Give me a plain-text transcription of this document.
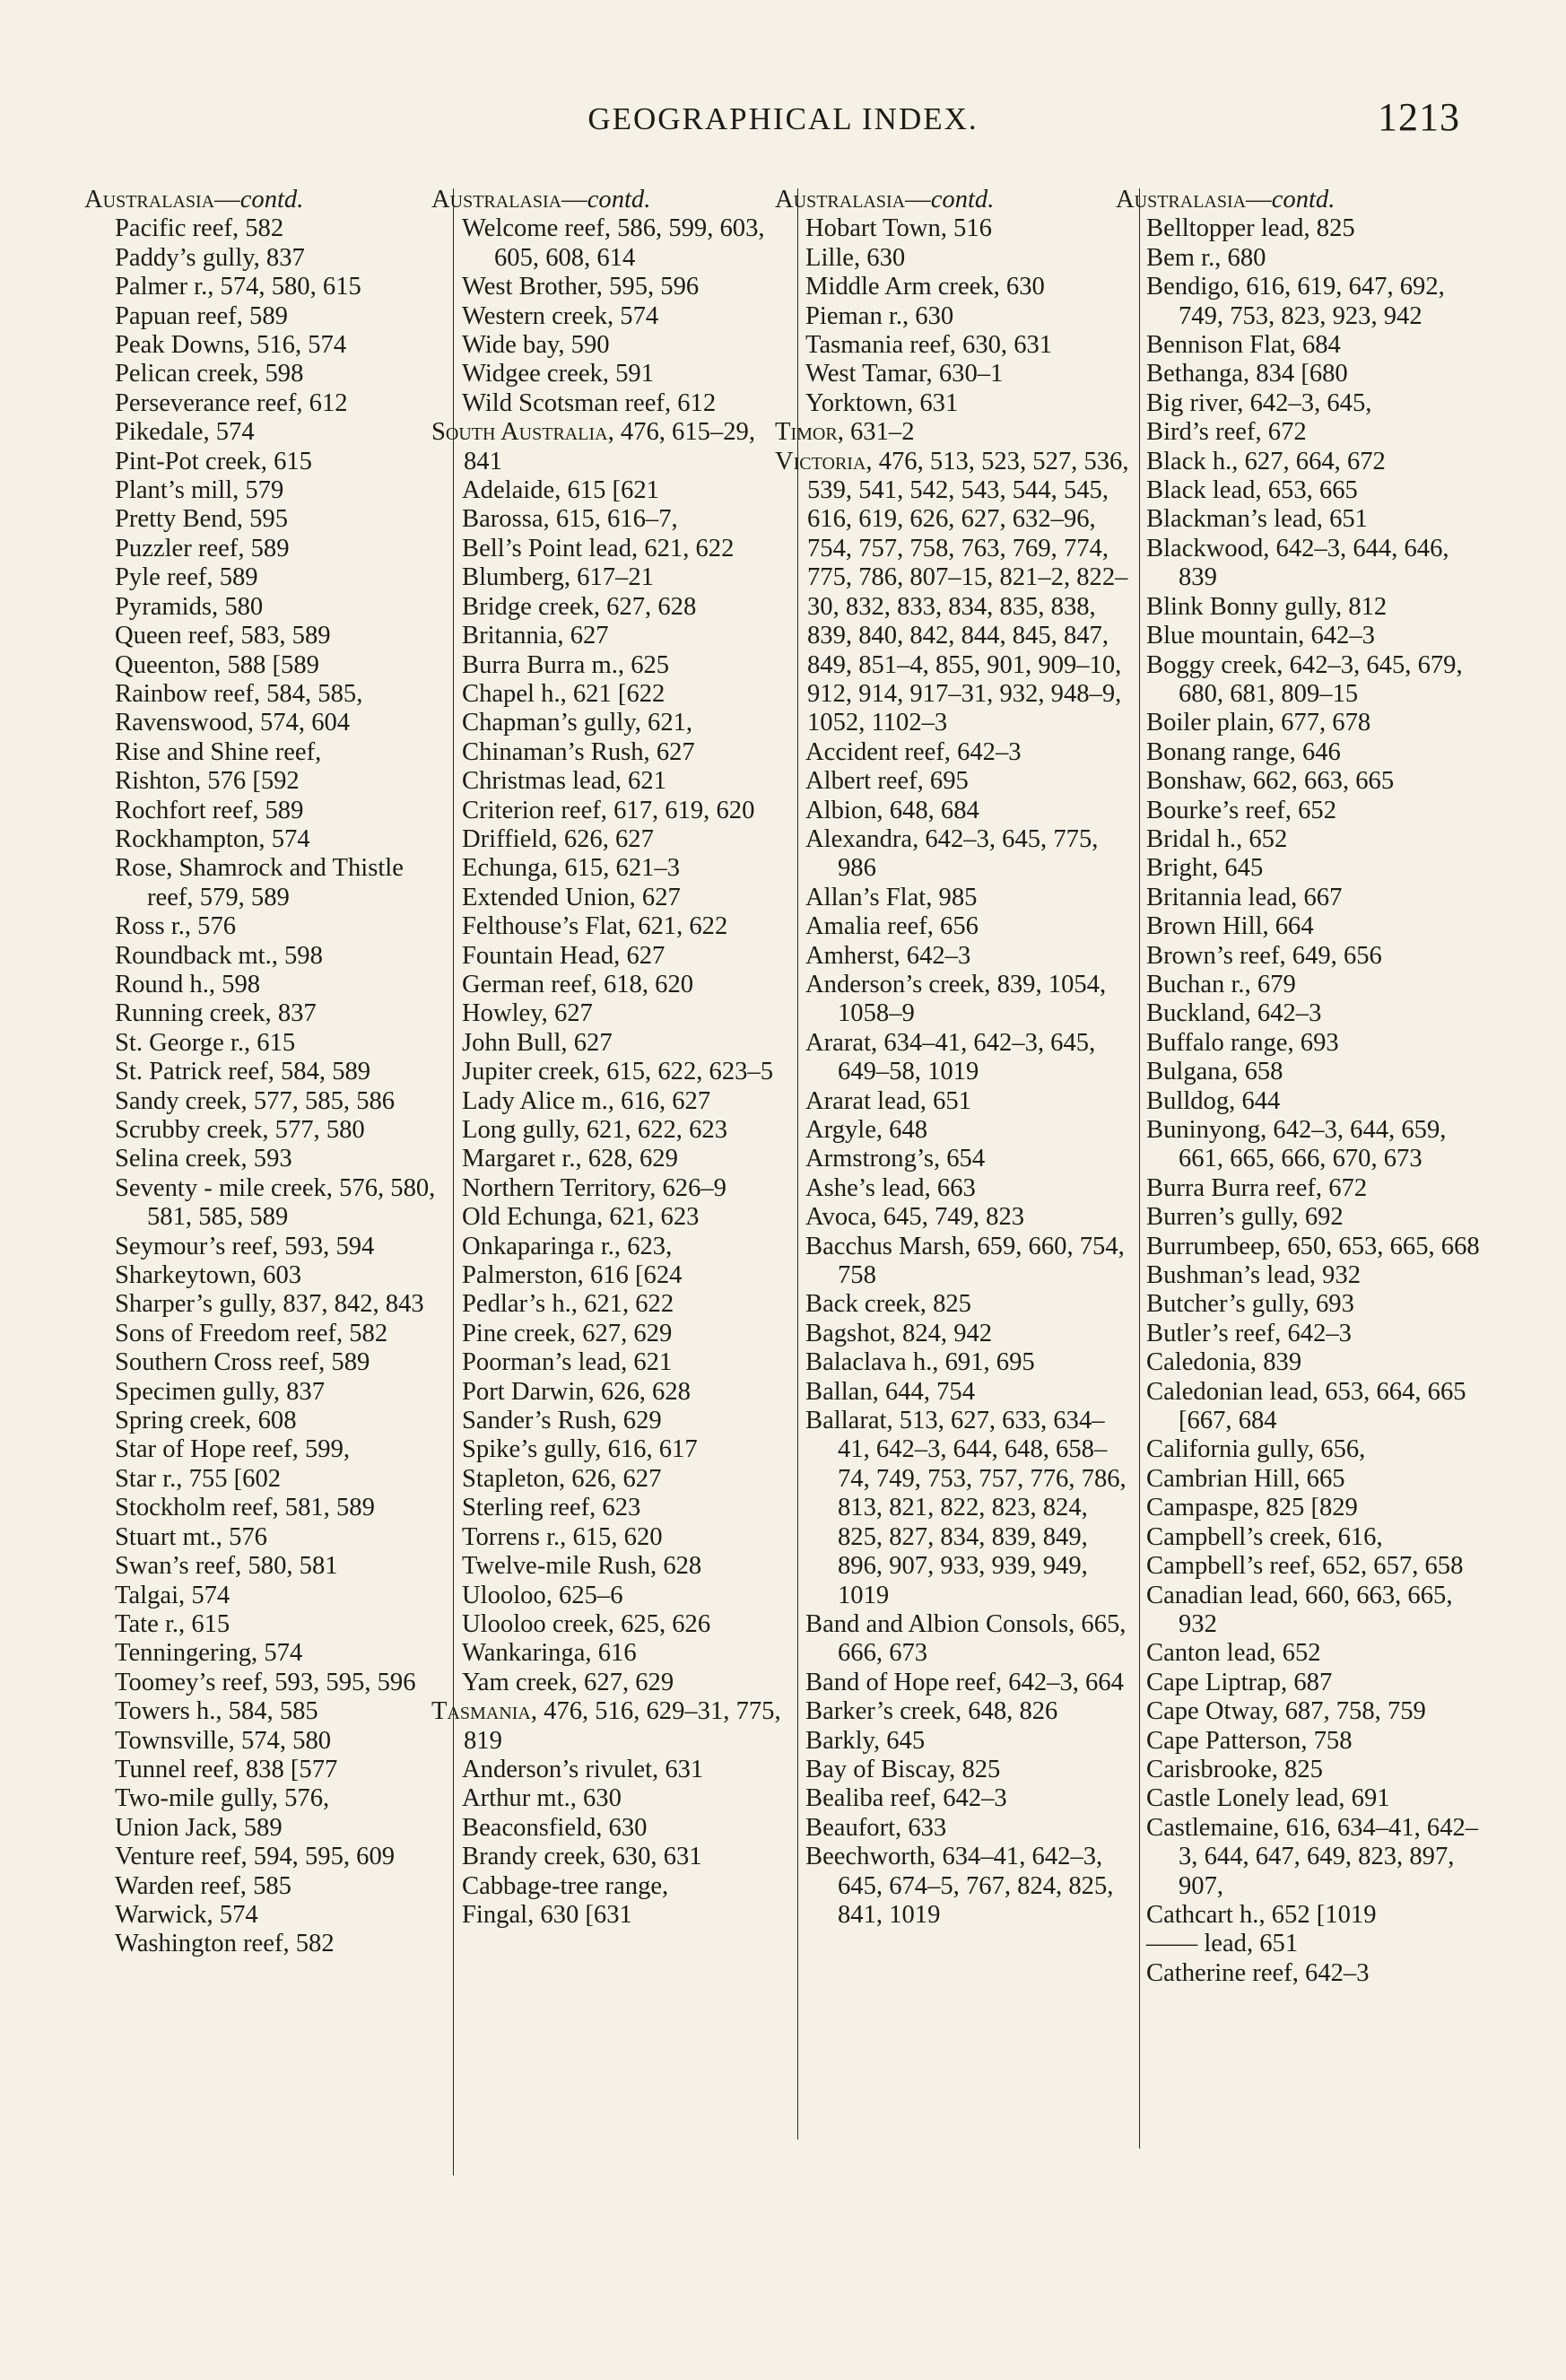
GEOGRAPHICAL INDEX.	1213
Australasia—contd.
Pacific reef, 582
Paddy’s gully, 837
Palmer r., 574, 580, 615
Papuan reef, 589
Peak Downs, 516, 574
Pelican creek, 598
Perseverance reef, 612
Pikedale, 574
Pint-Pot creek, 615
Plant’s mill, 579
Pretty Bend, 595
Puzzler reef, 589
Pyle reef, 589
Pyramids, 580
Queen reef, 583, 589
Queenton, 588 [589
Rainbow reef, 584, 585,
Ravenswood, 574, 604
Rise and Shine reef,
Rishton, 576 [592
Rochfort reef, 589
Rockhampton, 574
Rose, Shamrock and Thistle reef, 579, 589
Ross r., 576
Roundback mt., 598
Round h., 598
Running creek, 837
St. George r., 615
St. Patrick reef, 584, 589
Sandy creek, 577, 585, 586
Scrubby creek, 577, 580
Selina creek, 593
Seventy - mile creek, 576, 580, 581, 585, 589
Seymour’s reef, 593, 594
Sharkeytown, 603
Sharper’s gully, 837, 842, 843
Sons of Freedom reef, 582
Southern Cross reef, 589
Specimen gully, 837
Spring creek, 608
Star of Hope reef, 599,
Star r., 755 [602
Stockholm reef, 581, 589
Stuart mt., 576
Swan’s reef, 580, 581
Talgai, 574
Tate r., 615
Tenningering, 574
Toomey’s reef, 593, 595, 596
Towers h., 584, 585
Townsville, 574, 580
Tunnel reef, 838 [577
Two-mile gully, 576,
Union Jack, 589
Venture reef, 594, 595, 609
Warden reef, 585
Warwick, 574
Washington reef, 582
Australasia—contd.
Welcome reef, 586, 599, 603, 605, 608, 614
West Brother, 595, 596
Western creek, 574
Wide bay, 590
Widgee creek, 591
Wild Scotsman reef, 612
South Australia, 476, 615–29, 841
Adelaide, 615 [621
Barossa, 615, 616–7,
Bell’s Point lead, 621, 622
Blumberg, 617–21
Bridge creek, 627, 628
Britannia, 627
Burra Burra m., 625
Chapel h., 621 [622
Chapman’s gully, 621,
Chinaman’s Rush, 627
Christmas lead, 621
Criterion reef, 617, 619, 620
Driffield, 626, 627
Echunga, 615, 621–3
Extended Union, 627
Felthouse’s Flat, 621, 622
Fountain Head, 627
German reef, 618, 620
Howley, 627
John Bull, 627
Jupiter creek, 615, 622, 623–5
Lady Alice m., 616, 627
Long gully, 621, 622, 623
Margaret r., 628, 629
Northern Territory, 626–9
Old Echunga, 621, 623
Onkaparinga r., 623,
Palmerston, 616 [624
Pedlar’s h., 621, 622
Pine creek, 627, 629
Poorman’s lead, 621
Port Darwin, 626, 628
Sander’s Rush, 629
Spike’s gully, 616, 617
Stapleton, 626, 627
Sterling reef, 623
Torrens r., 615, 620
Twelve-mile Rush, 628
Ulooloo, 625–6
Ulooloo creek, 625, 626
Wankaringa, 616
Yam creek, 627, 629
Tasmania, 476, 516, 629–31, 775, 819
Anderson’s rivulet, 631
Arthur mt., 630
Beaconsfield, 630
Brandy creek, 630, 631
Cabbage-tree range,
Fingal, 630 [631
Australasia—contd.
Hobart Town, 516
Lille, 630
Middle Arm creek, 630
Pieman r., 630
Tasmania reef, 630, 631
West Tamar, 630–1
Yorktown, 631
Timor, 631–2
Victoria, 476, 513, 523, 527, 536, 539, 541, 542, 543, 544, 545, 616, 619, 626, 627, 632–96, 754, 757, 758, 763, 769, 774, 775, 786, 807–15, 821–2, 822–30, 832, 833, 834, 835, 838, 839, 840, 842, 844, 845, 847, 849, 851–4, 855, 901, 909–10, 912, 914, 917–31, 932, 948–9, 1052, 1102–3
Accident reef, 642–3
Albert reef, 695
Albion, 648, 684
Alexandra, 642–3, 645, 775, 986
Allan’s Flat, 985
Amalia reef, 656
Amherst, 642–3
Anderson’s creek, 839, 1054, 1058–9
Ararat, 634–41, 642–3, 645, 649–58, 1019
Ararat lead, 651
Argyle, 648
Armstrong’s, 654
Ashe’s lead, 663
Avoca, 645, 749, 823
Bacchus Marsh, 659, 660, 754, 758
Back creek, 825
Bagshot, 824, 942
Balaclava h., 691, 695
Ballan, 644, 754
Ballarat, 513, 627, 633, 634–41, 642–3, 644, 648, 658–74, 749, 753, 757, 776, 786, 813, 821, 822, 823, 824, 825, 827, 834, 839, 849, 896, 907, 933, 939, 949, 1019
Band and Albion Consols, 665, 666, 673
Band of Hope reef, 642–3, 664
Barker’s creek, 648, 826
Barkly, 645
Bay of Biscay, 825
Bealiba reef, 642–3
Beaufort, 633
Beechworth, 634–41, 642–3, 645, 674–5, 767, 824, 825, 841, 1019
Australasia—contd.
Belltopper lead, 825
Bem r., 680
Bendigo, 616, 619, 647, 692, 749, 753, 823, 923, 942
Bennison Flat, 684
Bethanga, 834 [680
Big river, 642–3, 645,
Bird’s reef, 672
Black h., 627, 664, 672
Black lead, 653, 665
Blackman’s lead, 651
Blackwood, 642–3, 644, 646, 839
Blink Bonny gully, 812
Blue mountain, 642–3
Boggy creek, 642–3, 645, 679, 680, 681, 809–15
Boiler plain, 677, 678
Bonang range, 646
Bonshaw, 662, 663, 665
Bourke’s reef, 652
Bridal h., 652
Bright, 645
Britannia lead, 667
Brown Hill, 664
Brown’s reef, 649, 656
Buchan r., 679
Buckland, 642–3
Buffalo range, 693
Bulgana, 658
Bulldog, 644
Buninyong, 642–3, 644, 659, 661, 665, 666, 670, 673
Burra Burra reef, 672
Burren’s gully, 692
Burrumbeep, 650, 653, 665, 668
Bushman’s lead, 932
Butcher’s gully, 693
Butler’s reef, 642–3
Caledonia, 839
Caledonian lead, 653, 664, 665 [667, 684
California gully, 656,
Cambrian Hill, 665
Campaspe, 825 [829
Campbell’s creek, 616,
Campbell’s reef, 652, 657, 658
Canadian lead, 660, 663, 665, 932
Canton lead, 652
Cape Liptrap, 687
Cape Otway, 687, 758, 759
Cape Patterson, 758
Carisbrooke, 825
Castle Lonely lead, 691
Castlemaine, 616, 634–41, 642–3, 644, 647, 649, 823, 897, 907,
Cathcart h., 652 [1019
—— lead, 651
Catherine reef, 642–3
